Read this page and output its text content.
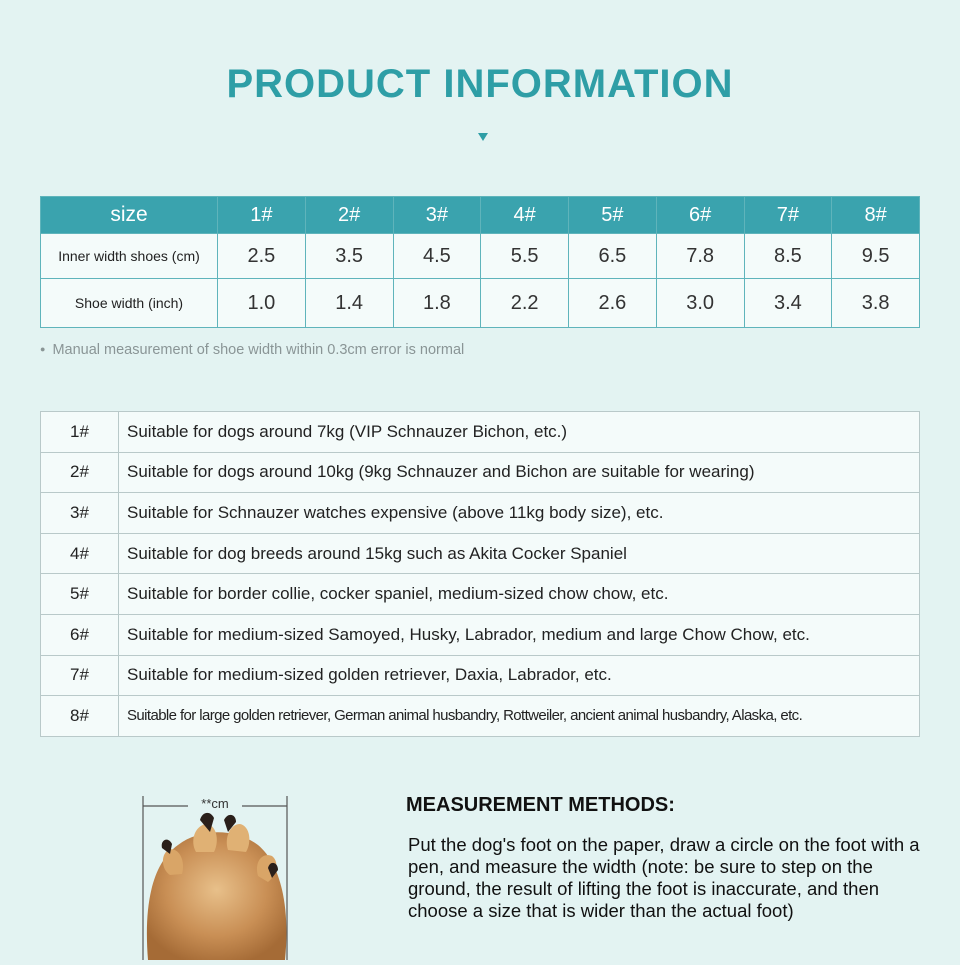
PRODUCT INFORMATION
size	1#	2#	3#	4#	5#	6#	7#	8#
Inner width shoes (cm)	2.5	3.5	4.5	5.5	6.5	7.8	8.5	9.5
Shoe width (inch)	1.0	1.4	1.8	2.2	2.6	3.0	3.4	3.8
● Manual measurement of shoe width within 0.3cm error is normal
1#	Suitable for dogs around 7kg (VIP Schnauzer Bichon, etc.)
2#	Suitable for dogs around 10kg (9kg Schnauzer and Bichon are suitable for wearing)
3#	Suitable for Schnauzer watches expensive (above 11kg body size), etc.
4#	Suitable for dog breeds around 15kg such as Akita Cocker Spaniel
5#	Suitable for border collie, cocker spaniel, medium-sized chow chow, etc.
6#	Suitable for medium-sized Samoyed, Husky, Labrador, medium and large Chow Chow, etc.
7#	Suitable for medium-sized golden retriever, Daxia, Labrador, etc.
8#	Suitable for large golden retriever, German animal husbandry, Rottweiler, ancient animal husbandry, Alaska, etc.
**cm	MEASUREMENT METHODS:
Put the dog's foot on the paper, draw a circle on the foot with a pen, and measure the width (note: be sure to step on the ground, the result of lifting the foot is inaccurate, and then choose a size that is wider than the actual foot)
